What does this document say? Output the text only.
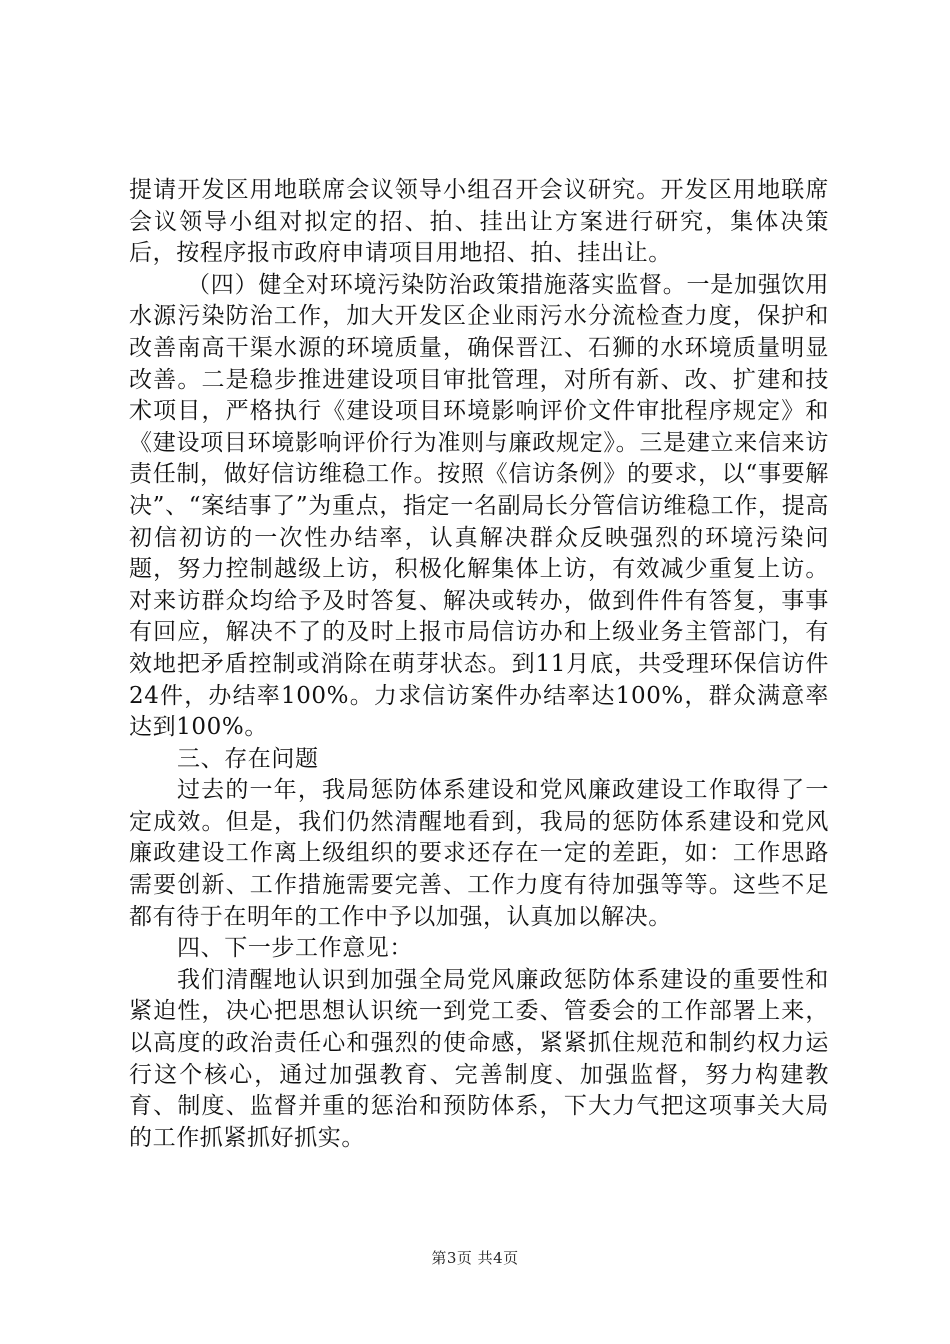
提请开发区用地联席会议领导小组召开会议研究。开发区用地联席会议领导小组对拟定的招、拍、挂出让方案进行研究，集体决策后，按程序报市政府申请项目用地招、拍、挂出让。

（四）健全对环境污染防治政策措施落实监督。一是加强饮用水源污染防治工作，加大开发区企业雨污水分流检查力度，保护和改善南高干渠水源的环境质量，确保晋江、石狮的水环境质量明显改善。二是稳步推进建设项目审批管理，对所有新、改、扩建和技术项目，严格执行《建设项目环境影响评价文件审批程序规定》和《建设项目环境影响评价行为准则与廉政规定》。三是建立来信来访责任制，做好信访维稳工作。按照《信访条例》的要求，以“事要解决”、“案结事了”为重点，指定一名副局长分管信访维稳工作，提高初信初访的一次性办结率，认真解决群众反映强烈的环境污染问题，努力控制越级上访，积极化解集体上访，有效减少重复上访。对来访群众均给予及时答复、解决或转办，做到件件有答复，事事有回应，解决不了的及时上报市局信访办和上级业务主管部门，有效地把矛盾控制或消除在萌芽状态。到11月底，共受理环保信访件24件，办结率100%。力求信访案件办结率达100%，群众满意率达到100%。

三、存在问题

过去的一年，我局惩防体系建设和党风廉政建设工作取得了一定成效。但是，我们仍然清醒地看到，我局的惩防体系建设和党风廉政建设工作离上级组织的要求还存在一定的差距，如：工作思路需要创新、工作措施需要完善、工作力度有待加强等等。这些不足都有待于在明年的工作中予以加强，认真加以解决。

四、下一步工作意见：

我们清醒地认识到加强全局党风廉政惩防体系建设的重要性和紧迫性，决心把思想认识统一到党工委、管委会的工作部署上来，以高度的政治责任心和强烈的使命感，紧紧抓住规范和制约权力运行这个核心，通过加强教育、完善制度、加强监督，努力构建教育、制度、监督并重的惩治和预防体系，下大力气把这项事关大局的工作抓紧抓好抓实。

第3页 共4页
